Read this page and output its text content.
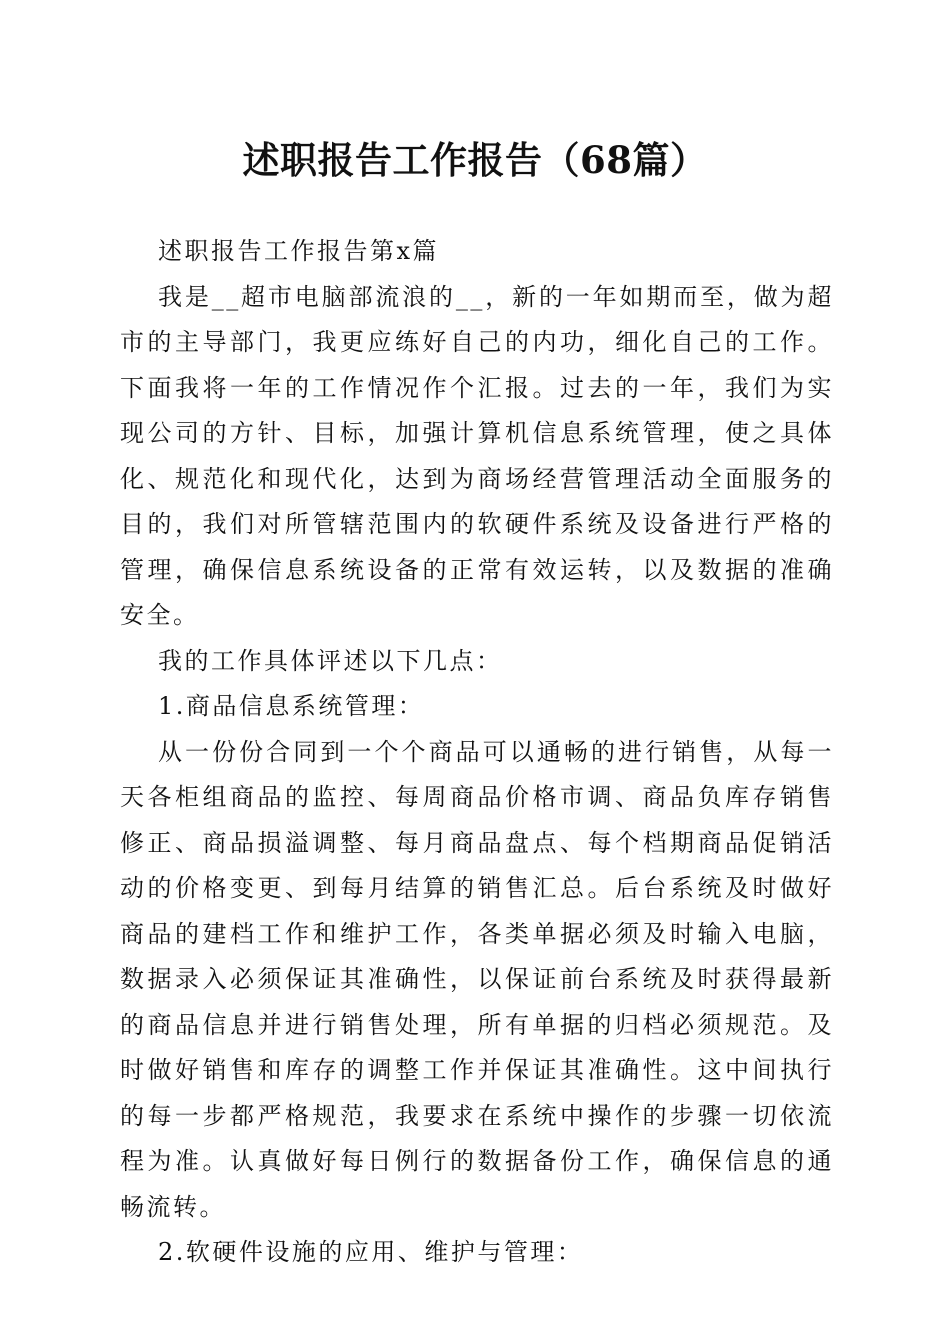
述职报告工作报告（68篇）

述职报告工作报告第x篇

我是__超市电脑部流浪的__，新的一年如期而至，做为超市的主导部门，我更应练好自己的内功，细化自己的工作。下面我将一年的工作情况作个汇报。过去的一年，我们为实现公司的方针、目标，加强计算机信息系统管理，使之具体化、规范化和现代化，达到为商场经营管理活动全面服务的目的，我们对所管辖范围内的软硬件系统及设备进行严格的管理，确保信息系统设备的正常有效运转，以及数据的准确安全。

我的工作具体评述以下几点：

1.商品信息系统管理：

从一份份合同到一个个商品可以通畅的进行销售，从每一天各柜组商品的监控、每周商品价格市调、商品负库存销售修正、商品损溢调整、每月商品盘点、每个档期商品促销活动的价格变更、到每月结算的销售汇总。后台系统及时做好商品的建档工作和维护工作，各类单据必须及时输入电脑，数据录入必须保证其准确性，以保证前台系统及时获得最新的商品信息并进行销售处理，所有单据的归档必须规范。及时做好销售和库存的调整工作并保证其准确性。这中间执行的每一步都严格规范，我要求在系统中操作的步骤一切依流程为准。认真做好每日例行的数据备份工作，确保信息的通畅流转。

2.软硬件设施的应用、维护与管理：
